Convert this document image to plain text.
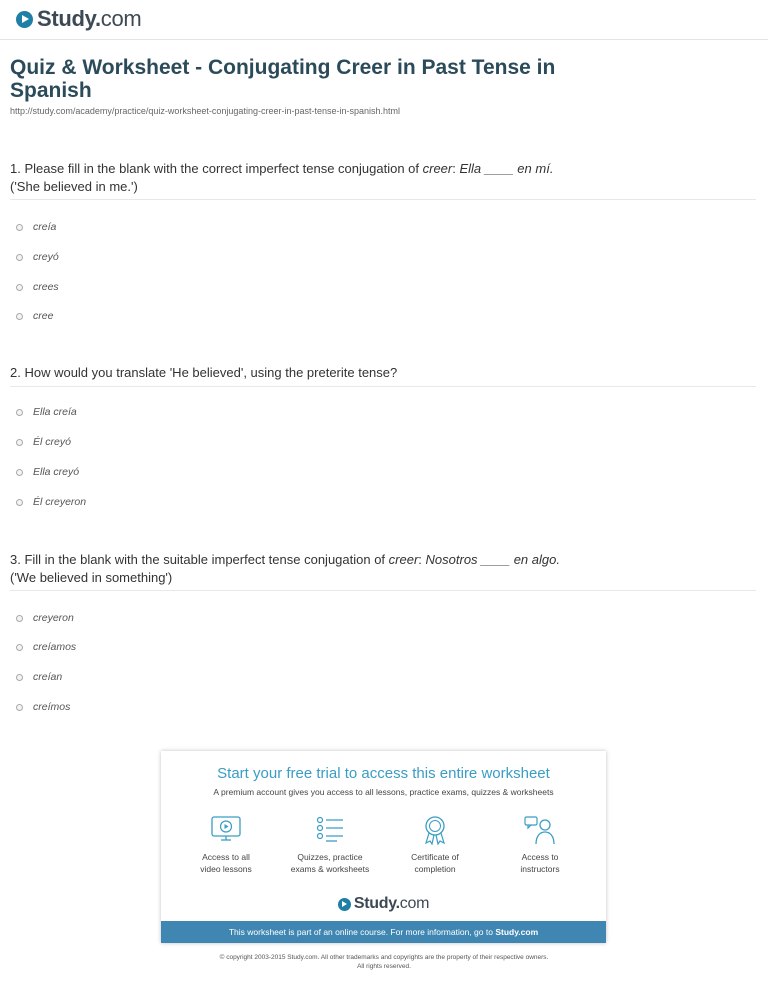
Study.com
Quiz & Worksheet - Conjugating Creer in Past Tense in Spanish
http://study.com/academy/practice/quiz-worksheet-conjugating-creer-in-past-tense-in-spanish.html
1. Please fill in the blank with the correct imperfect tense conjugation of creer: Ella ____ en mí.
('She believed in me.')
creía
creyó
crees
cree
2. How would you translate 'He believed', using the preterite tense?
Ella creía
Él creyó
Ella creyó
Él creyeron
3. Fill in the blank with the suitable imperfect tense conjugation of creer: Nosotros ____ en algo.
('We believed in something')
creyeron
creíamos
creían
creímos
Start your free trial to access this entire worksheet
A premium account gives you access to all lessons, practice exams, quizzes & worksheets
Access to all
video lessons
Quizzes, practice
exams & worksheets
Certificate of
completion
Access to
instructors
Study.com
This worksheet is part of an online course. For more information, go to Study.com
© copyright 2003-2015 Study.com. All other trademarks and copyrights are the property of their respective owners.
All rights reserved.
